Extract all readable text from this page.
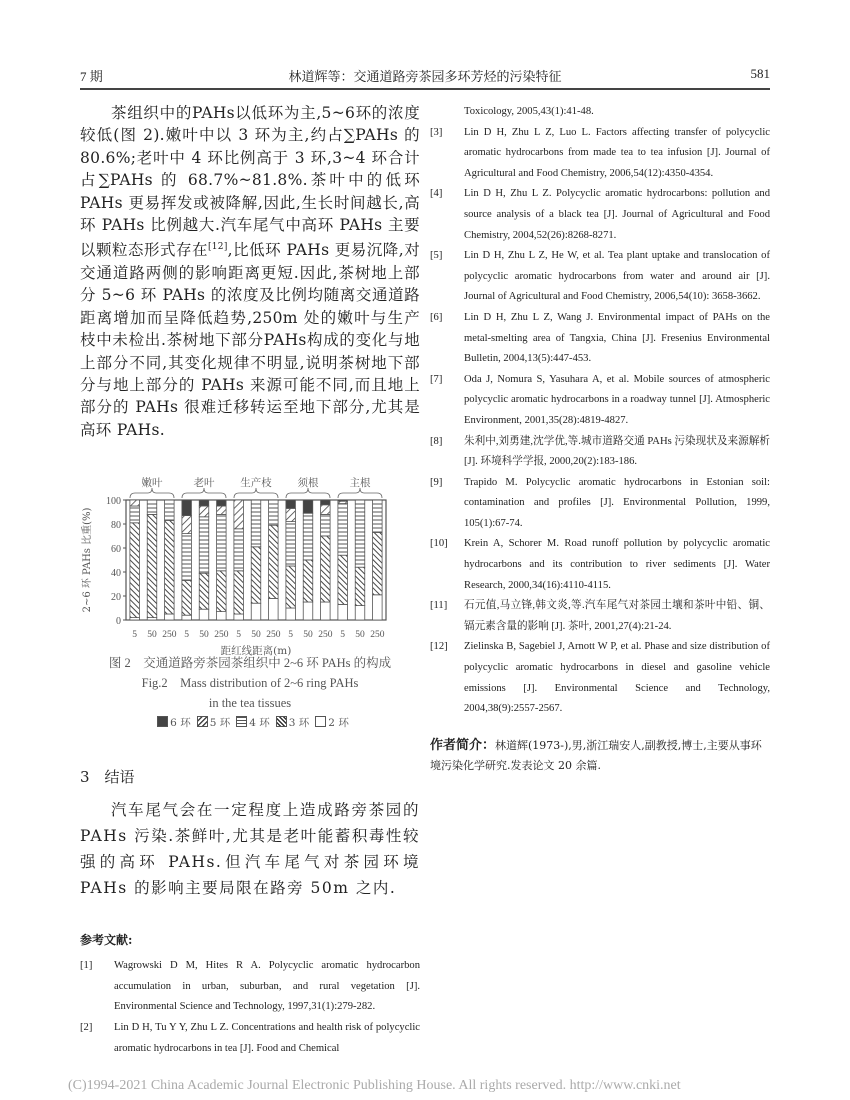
7 期	林道辉等：交通道路旁茶园多环芳烃的污染特征	581

茶组织中的PAHs以低环为主,5~6环的浓度较低(图 2).嫩叶中以 3 环为主,约占∑PAHs 的 80.6%;老叶中 4 环比例高于 3 环,3~4 环合计占∑PAHs 的 68.7%~81.8%.茶叶中的低环 PAHs 更易挥发或被降解,因此,生长时间越长,高环 PAHs 比例越大.汽车尾气中高环 PAHs 主要以颗粒态形式存在[12],比低环 PAHs 更易沉降,对交通道路两侧的影响距离更短.因此,茶树地上部分 5~6 环 PAHs 的浓度及比例均随离交通道路距离增加而呈降低趋势,250m 处的嫩叶与生产枝中未检出.茶树地下部分PAHs构成的变化与地上部分不同,其变化规律不明显,说明茶树地下部分与地上部分的 PAHs 来源可能不同,而且地上部分的 PAHs 很难迁移转运至地下部分,尤其是高环 PAHs.

0
20
40
60
80
100
5 50 250 5 50 250 5 50 250 5 50 250 5 50 250
嫩叶	老叶 生产枝 须根	主根
2~6 环 PAHs 比重(%)
距红线距离(m)
图 2　交通道路旁茶园茶组织中 2~6 环 PAHs 的构成
Fig.2　Mass distribution of 2~6 ring PAHs
in the tea tissues
6 环 5 环 4 环 3 环 2 环
3　结语

汽车尾气会在一定程度上造成路旁茶园的 PAHs 污染.茶鲜叶,尤其是老叶能蓄积毒性较强的高环 PAHs.但汽车尾气对茶园环境 PAHs 的影响主要局限在路旁 50m 之内.

参考文献:
[1] Wagrowski D M, Hites R A. Polycyclic aromatic hydrocarbon accumulation in urban, suburban, and rural vegetation [J]. Environmental Science and Technology, 1997,31(1):279-282.
[2] Lin D H, Tu Y Y, Zhu L Z. Concentrations and health risk of polycyclic aromatic hydrocarbons in tea [J]. Food and Chemical
Toxicology, 2005,43(1):41-48.
[3] Lin D H, Zhu L Z, Luo L. Factors affecting transfer of polycyclic aromatic hydrocarbons from made tea to tea infusion [J]. Journal of Agricultural and Food Chemistry, 2006,54(12):4350-4354.
[4] Lin D H, Zhu L Z. Polycyclic aromatic hydrocarbons: pollution and source analysis of a black tea [J]. Journal of Agricultural and Food Chemistry, 2004,52(26):8268-8271.
[5] Lin D H, Zhu L Z, He W, et al. Tea plant uptake and translocation of polycyclic aromatic hydrocarbons from water and around air [J]. Journal of Agricultural and Food Chemistry, 2006,54(10): 3658-3662.
[6] Lin D H, Zhu L Z, Wang J. Environmental impact of PAHs on the metal-smelting area of Tangxia, China [J]. Fresenius Environmental Bulletin, 2004,13(5):447-453.
[7] Oda J, Nomura S, Yasuhara A, et al. Mobile sources of atmospheric polycyclic aromatic hydrocarbons in a roadway tunnel [J]. Atmospheric Environment, 2001,35(28):4819-4827.
[8] 朱利中,刘勇建,沈学优,等.城市道路交通 PAHs 污染现状及来源解析 [J]. 环境科学学报, 2000,20(2):183-186.
[9] Trapido M. Polycyclic aromatic hydrocarbons in Estonian soil: contamination and profiles [J]. Environmental Pollution, 1999, 105(1):67-74.
[10] Krein A, Schorer M. Road runoff pollution by polycyclic aromatic hydrocarbons and its contribution to river sediments [J]. Water Research, 2000,34(16):4110-4115.
[11] 石元值,马立锋,韩文炎,等.汽车尾气对茶园土壤和茶叶中铅、铜、镉元素含量的影响 [J]. 茶叶, 2001,27(4):21-24.
[12] Zielinska B, Sagebiel J, Arnott W P, et al. Phase and size distribution of polycyclic aromatic hydrocarbons in diesel and gasoline vehicle emissions [J]. Environmental Science and Technology, 2004,38(9):2557-2567.
作者简介：林道辉(1973-),男,浙江瑞安人,副教授,博士,主要从事环境污染化学研究.发表论文 20 余篇.
(C)1994-2021 China Academic Journal Electronic Publishing House. All rights reserved. http://www.cnki.net
